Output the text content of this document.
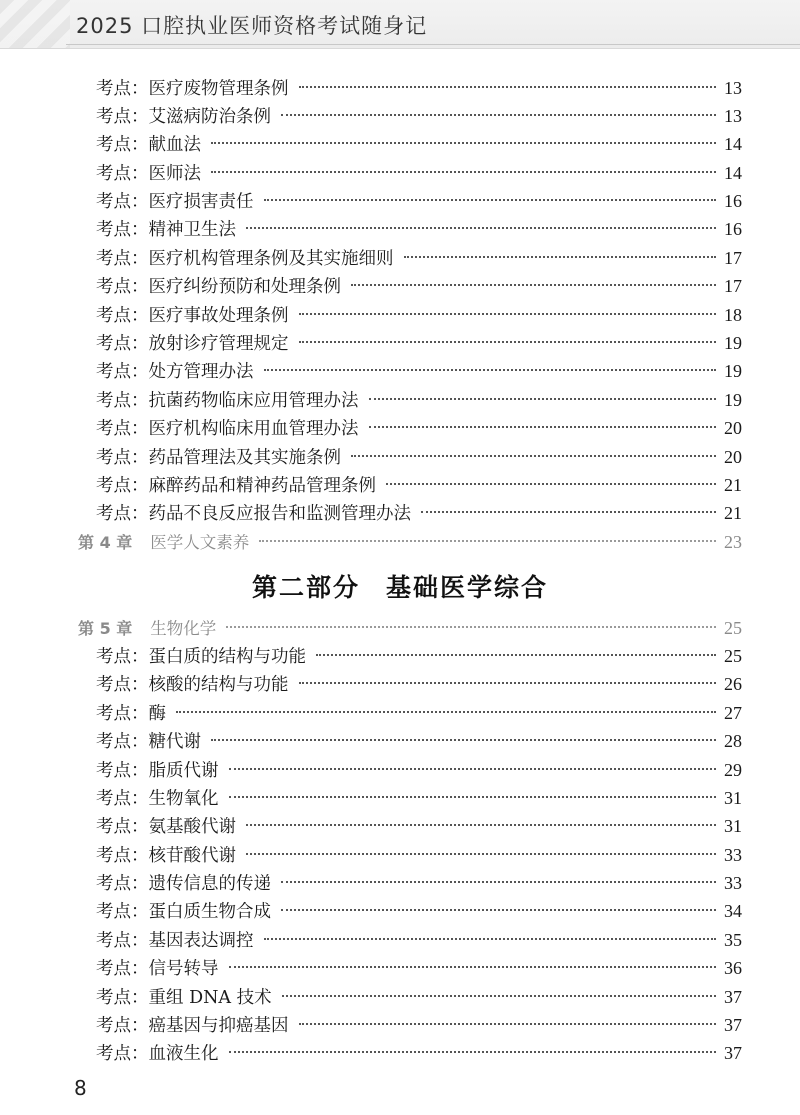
2025 口腔执业医师资格考试随身记
考点： 医疗废物管理条例	13
考点： 艾滋病防治条例	13
考点： 献血法	14
考点： 医师法	14
考点： 医疗损害责任	16
考点： 精神卫生法	16
考点： 医疗机构管理条例及其实施细则	17
考点： 医疗纠纷预防和处理条例	17
考点： 医疗事故处理条例	18
考点： 放射诊疗管理规定	19
考点： 处方管理办法	19
考点： 抗菌药物临床应用管理办法	19
考点： 医疗机构临床用血管理办法	20
考点： 药品管理法及其实施条例	20
考点： 麻醉药品和精神药品管理条例	21
考点： 药品不良反应报告和监测管理办法	21
第 4 章 医学人文素养	23
第二部分 基础医学综合
第 5 章 生物化学	25
考点： 蛋白质的结构与功能	25
考点： 核酸的结构与功能	26
考点： 酶	27
考点： 糖代谢	28
考点： 脂质代谢	29
考点： 生物氧化	31
考点： 氨基酸代谢	31
考点： 核苷酸代谢	33
考点： 遗传信息的传递	33
考点： 蛋白质生物合成	34
考点： 基因表达调控	35
考点： 信号转导	36
考点： 重组 DNA 技术	37
考点： 癌基因与抑癌基因	37
考点： 血液生化	37
8
